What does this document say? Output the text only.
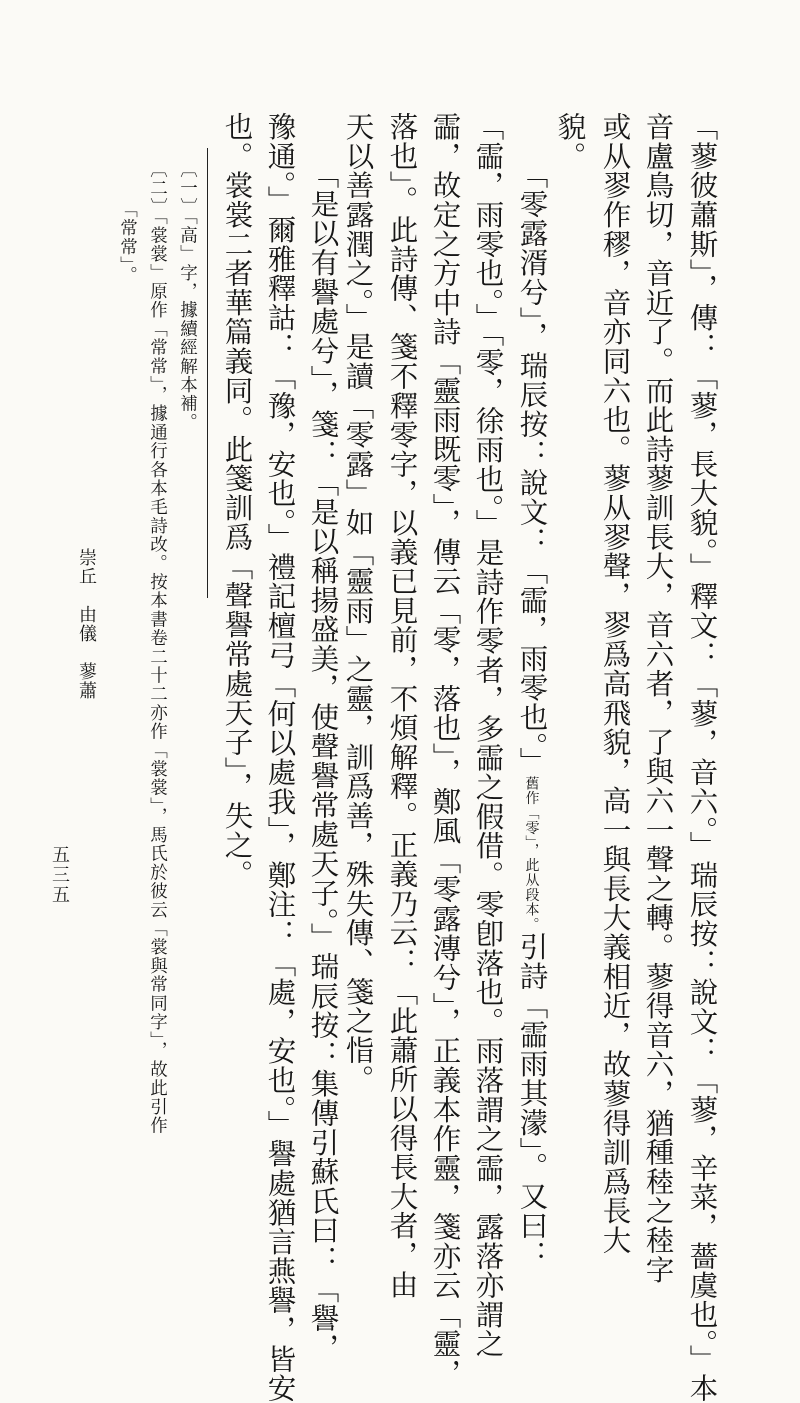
「蓼彼蕭斯」，傳：「蓼，長大貌。」釋文：「蓼，音六。」瑞辰按：說文：「蓼，辛菜，薔虞也。」本
音盧鳥切，音近了。而此詩蓼訓長大，音六者，了與六一聲之轉。蓼得音六，猶種稑之稑字
或从翏作穋，音亦同六也。蓼从翏聲，翏爲高飛貌，高⼀與長大義相近，故蓼得訓爲長大
貌。
「零露湑兮」，瑞辰按：說文：「霝，雨零也。」舊作「零」，此从段本。引詩「霝雨其濛」。又曰：
「霝，雨零也。」「零，徐雨也。」是詩作零者，多霝之假借。零卽落也。雨落謂之霝，露落亦謂之
霝，故定之方中詩「靈雨既零」，傳云「零，落也」，鄭風「零露漙兮」，正義本作靈，箋亦云「靈，
落也」。此詩傳、箋不釋零字，以義已見前，不煩解釋。正義乃云：「此蕭所以得長大者，由
天以善露潤之。」是讀「零露」如「靈雨」之靈，訓爲善，殊失傳、箋之恉。
「是以有譽處兮」，箋：「是以稱揚盛美，使聲譽常處天子。」瑞辰按：集傳引蘇氏曰：「譽，
豫通。」爾雅釋詁：「豫，安也。」禮記檀弓「何以處我」，鄭注：「處，安也。」譽處猶言燕譽，皆安
也。裳裳⼆者華篇義同。此箋訓爲「聲譽常處天子」，失之。
〔一〕「高」字，據續經解本補。
〔二〕「裳裳」原作「常常」，據通行各本毛詩改。按本書卷二十二亦作「裳裳」，馬氏於彼云「裳與常同字」，故此引作
「常常」。
崇丘　由儀　蓼蕭
五三五
